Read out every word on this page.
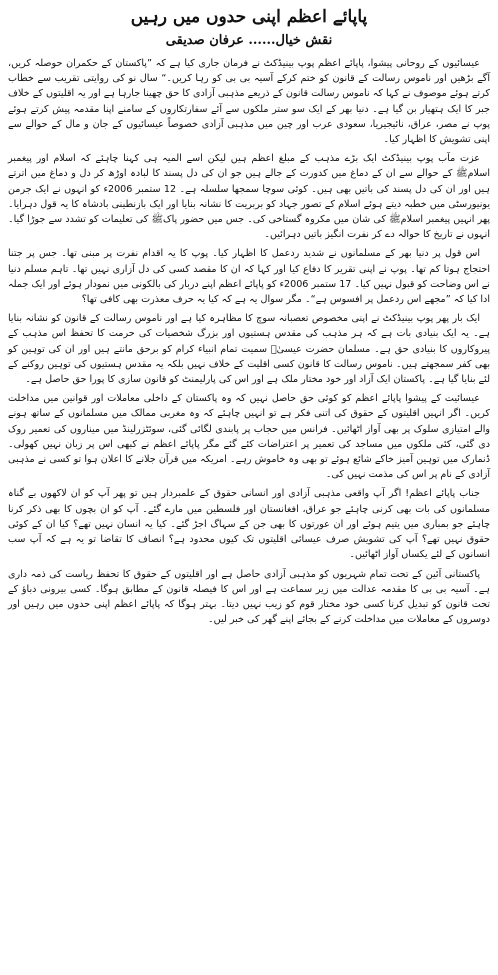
پاپائے اعظم اپنی حدوں میں رہیں
نقش خیال...... عرفان صدیقی

عیسائیوں کے روحانی پیشوا، پاپائے اعظم پوپ بینیڈکٹ نے فرمان جاری کیا ہے کہ ”پاکستان کے حکمران حوصلہ کریں، آگے بڑھیں اور ناموس رسالت کے قانون کو ختم کرکے آسیہ بی بی کو رہا کریں۔“ سال نو کی روایتی تقریب سے خطاب کرتے ہوئے موصوف نے کہا کہ ناموس رسالت قانون کے ذریعے مذہبی آزادی کا حق چھینا جارہا ہے اور یہ اقلیتوں کے خلاف جبر کا ایک ہتھیار بن گیا ہے۔ دنیا بھر کے ایک سو ستر ملکوں سے آئے سفارتکاروں کے سامنے اپنا مقدمہ پیش کرتے ہوئے پوپ نے مصر، عراق، نائیجیریا، سعودی عرب اور چین میں مذہبی آزادی خصوصاً عیسائیوں کے جان و مال کے حوالے سے اپنی تشویش کا اظہار کیا۔

عزت مآب پوپ بینیڈکٹ ایک بڑے مذہب کے مبلغ اعظم ہیں لیکن اسے المیہ ہی کہنا چاہئے کہ اسلام اور پیغمبر اسلامﷺ کے حوالے سے ان کے دماغ میں کدورت کے جالے ہیں جو ان کی دل پسند کا لبادہ اوڑھ کر دل و دماغ میں اترتے ہیں اور ان کی دل پسند کی باتیں بھی ہیں۔ کوئی سوچا سمجھا سلسلہ ہے۔ 12 ستمبر 2006ء کو انہوں نے ایک جرمن یونیورسٹی میں خطبہ دیتے ہوئے اسلام کے تصور جہاد کو بربریت کا نشانہ بنایا اور ایک بازنطینی بادشاہ کا یہ قول دہرایا۔ پھر انہیں پیغمبر اسلامﷺ کی شان میں مکروہ گستاخی کی۔ جس میں حضور پاکﷺ کی تعلیمات کو تشدد سے جوڑا گیا۔ انہوں نے تاریخ کا حوالہ دے کر نفرت انگیز باتیں دہرائیں۔

اس قول پر دنیا بھر کے مسلمانوں نے شدید ردعمل کا اظہار کیا۔ پوپ کا یہ اقدام نفرت پر مبنی تھا۔ جس پر جتنا احتجاج ہوتا کم تھا۔ پوپ نے اپنی تقریر کا دفاع کیا اور کہا کہ ان کا مقصد کسی کی دل آزاری نہیں تھا۔ تاہم مسلم دنیا نے اس وضاحت کو قبول نہیں کیا۔ 17 ستمبر 2006ء کو پاپائے اعظم اپنے دربار کی بالکونی میں نمودار ہوئے اور ایک جملہ ادا کیا کہ ”مجھے اس ردعمل پر افسوس ہے“۔ مگر سوال یہ ہے کہ کیا یہ حرف معذرت بھی کافی تھا؟

ایک بار پھر پوپ بینیڈکٹ نے اپنی مخصوص تعصبانہ سوچ کا مظاہرہ کیا ہے اور ناموس رسالت کے قانون کو نشانہ بنایا ہے۔ یہ ایک بنیادی بات ہے کہ ہر مذہب کی مقدس ہستیوں اور بزرگ شخصیات کی حرمت کا تحفظ اس مذہب کے پیروکاروں کا بنیادی حق ہے۔ مسلمان حضرت عیسیٰؑ سمیت تمام انبیاء کرام کو برحق مانتے ہیں اور ان کی توہین کو بھی کفر سمجھتے ہیں۔ ناموس رسالت کا قانون کسی اقلیت کے خلاف نہیں بلکہ یہ مقدس ہستیوں کی توہین روکنے کے لئے بنایا گیا ہے۔ پاکستان ایک آزاد اور خود مختار ملک ہے اور اس کی پارلیمنٹ کو قانون سازی کا پورا حق حاصل ہے۔

عیسائیت کے پیشوا پاپائے اعظم کو کوئی حق حاصل نہیں کہ وہ پاکستان کے داخلی معاملات اور قوانین میں مداخلت کریں۔ اگر انہیں اقلیتوں کے حقوق کی اتنی فکر ہے تو انہیں چاہئے کہ وہ مغربی ممالک میں مسلمانوں کے ساتھ ہونے والے امتیازی سلوک پر بھی آواز اٹھائیں۔ فرانس میں حجاب پر پابندی لگائی گئی، سوئٹزرلینڈ میں میناروں کی تعمیر روک دی گئی، کئی ملکوں میں مساجد کی تعمیر پر اعتراضات کئے گئے مگر پاپائے اعظم نے کبھی اس پر زبان نہیں کھولی۔ ڈنمارک میں توہین آمیز خاکے شائع ہوئے تو بھی وہ خاموش رہے۔ امریکہ میں قرآن جلانے کا اعلان ہوا تو کسی نے مذہبی آزادی کے نام پر اس کی مذمت نہیں کی۔

جناب پاپائے اعظم! اگر آپ واقعی مذہبی آزادی اور انسانی حقوق کے علمبردار ہیں تو پھر آپ کو ان لاکھوں بے گناہ مسلمانوں کی بات بھی کرنی چاہئے جو عراق، افغانستان اور فلسطین میں مارے گئے۔ آپ کو ان بچوں کا بھی ذکر کرنا چاہئے جو بمباری میں یتیم ہوئے اور ان عورتوں کا بھی جن کے سہاگ اجڑ گئے۔ کیا یہ انسان نہیں تھے؟ کیا ان کے کوئی حقوق نہیں تھے؟ آپ کی تشویش صرف عیسائی اقلیتوں تک کیوں محدود ہے؟ انصاف کا تقاضا تو یہ ہے کہ آپ سب انسانوں کے لئے یکساں آواز اٹھائیں۔

پاکستانی آئین کے تحت تمام شہریوں کو مذہبی آزادی حاصل ہے اور اقلیتوں کے حقوق کا تحفظ ریاست کی ذمہ داری ہے۔ آسیہ بی بی کا مقدمہ عدالت میں زیر سماعت ہے اور اس کا فیصلہ قانون کے مطابق ہوگا۔ کسی بیرونی دباؤ کے تحت قانون کو تبدیل کرنا کسی خود مختار قوم کو زیب نہیں دیتا۔ بہتر ہوگا کہ پاپائے اعظم اپنی حدوں میں رہیں اور دوسروں کے معاملات میں مداخلت کرنے کے بجائے اپنے گھر کی خبر لیں۔
